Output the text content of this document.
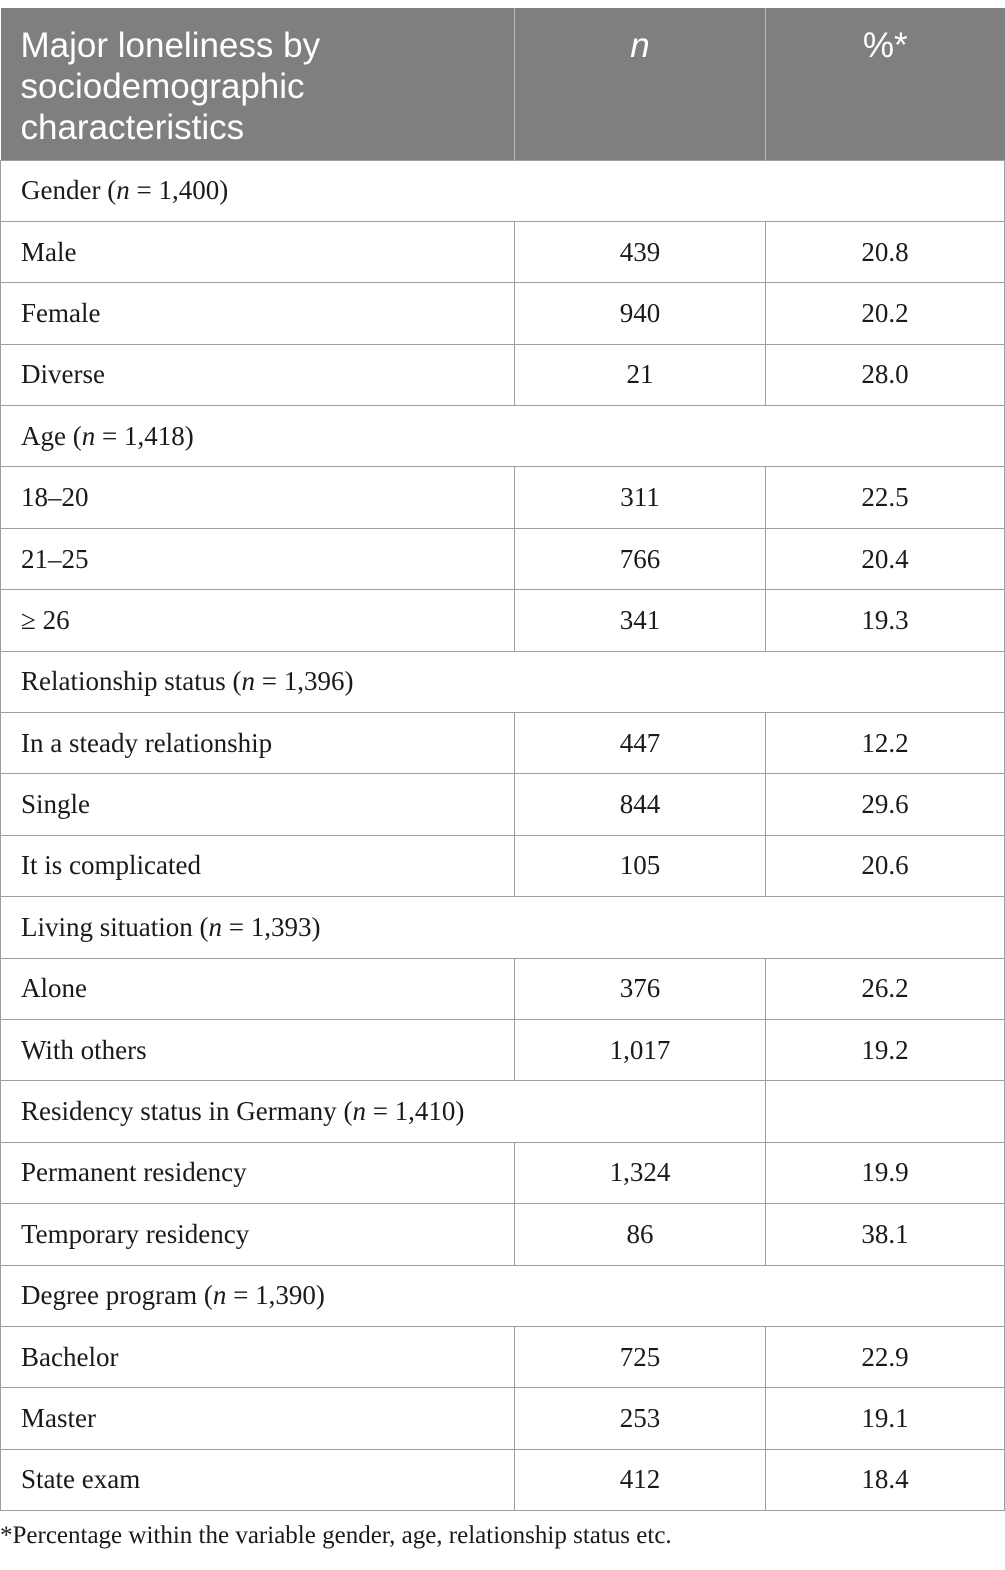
Major loneliness by sociodemographic characteristics	n	%*
Gender (n = 1,400)		
Male	439	20.8
Female	940	20.2
Diverse	21	28.0
Age (n = 1,418)		
18–20	311	22.5
21–25	766	20.4
≥ 26	341	19.3
Relationship status (n = 1,396)		
In a steady relationship	447	12.2
Single	844	29.6
It is complicated	105	20.6
Living situation (n = 1,393)		
Alone	376	26.2
With others	1,017	19.2
Residency status in Germany (n = 1,410)		
Permanent residency	1,324	19.9
Temporary residency	86	38.1
Degree program (n = 1,390)		
Bachelor	725	22.9
Master	253	19.1
State exam	412	18.4
*Percentage within the variable gender, age, relationship status etc.
